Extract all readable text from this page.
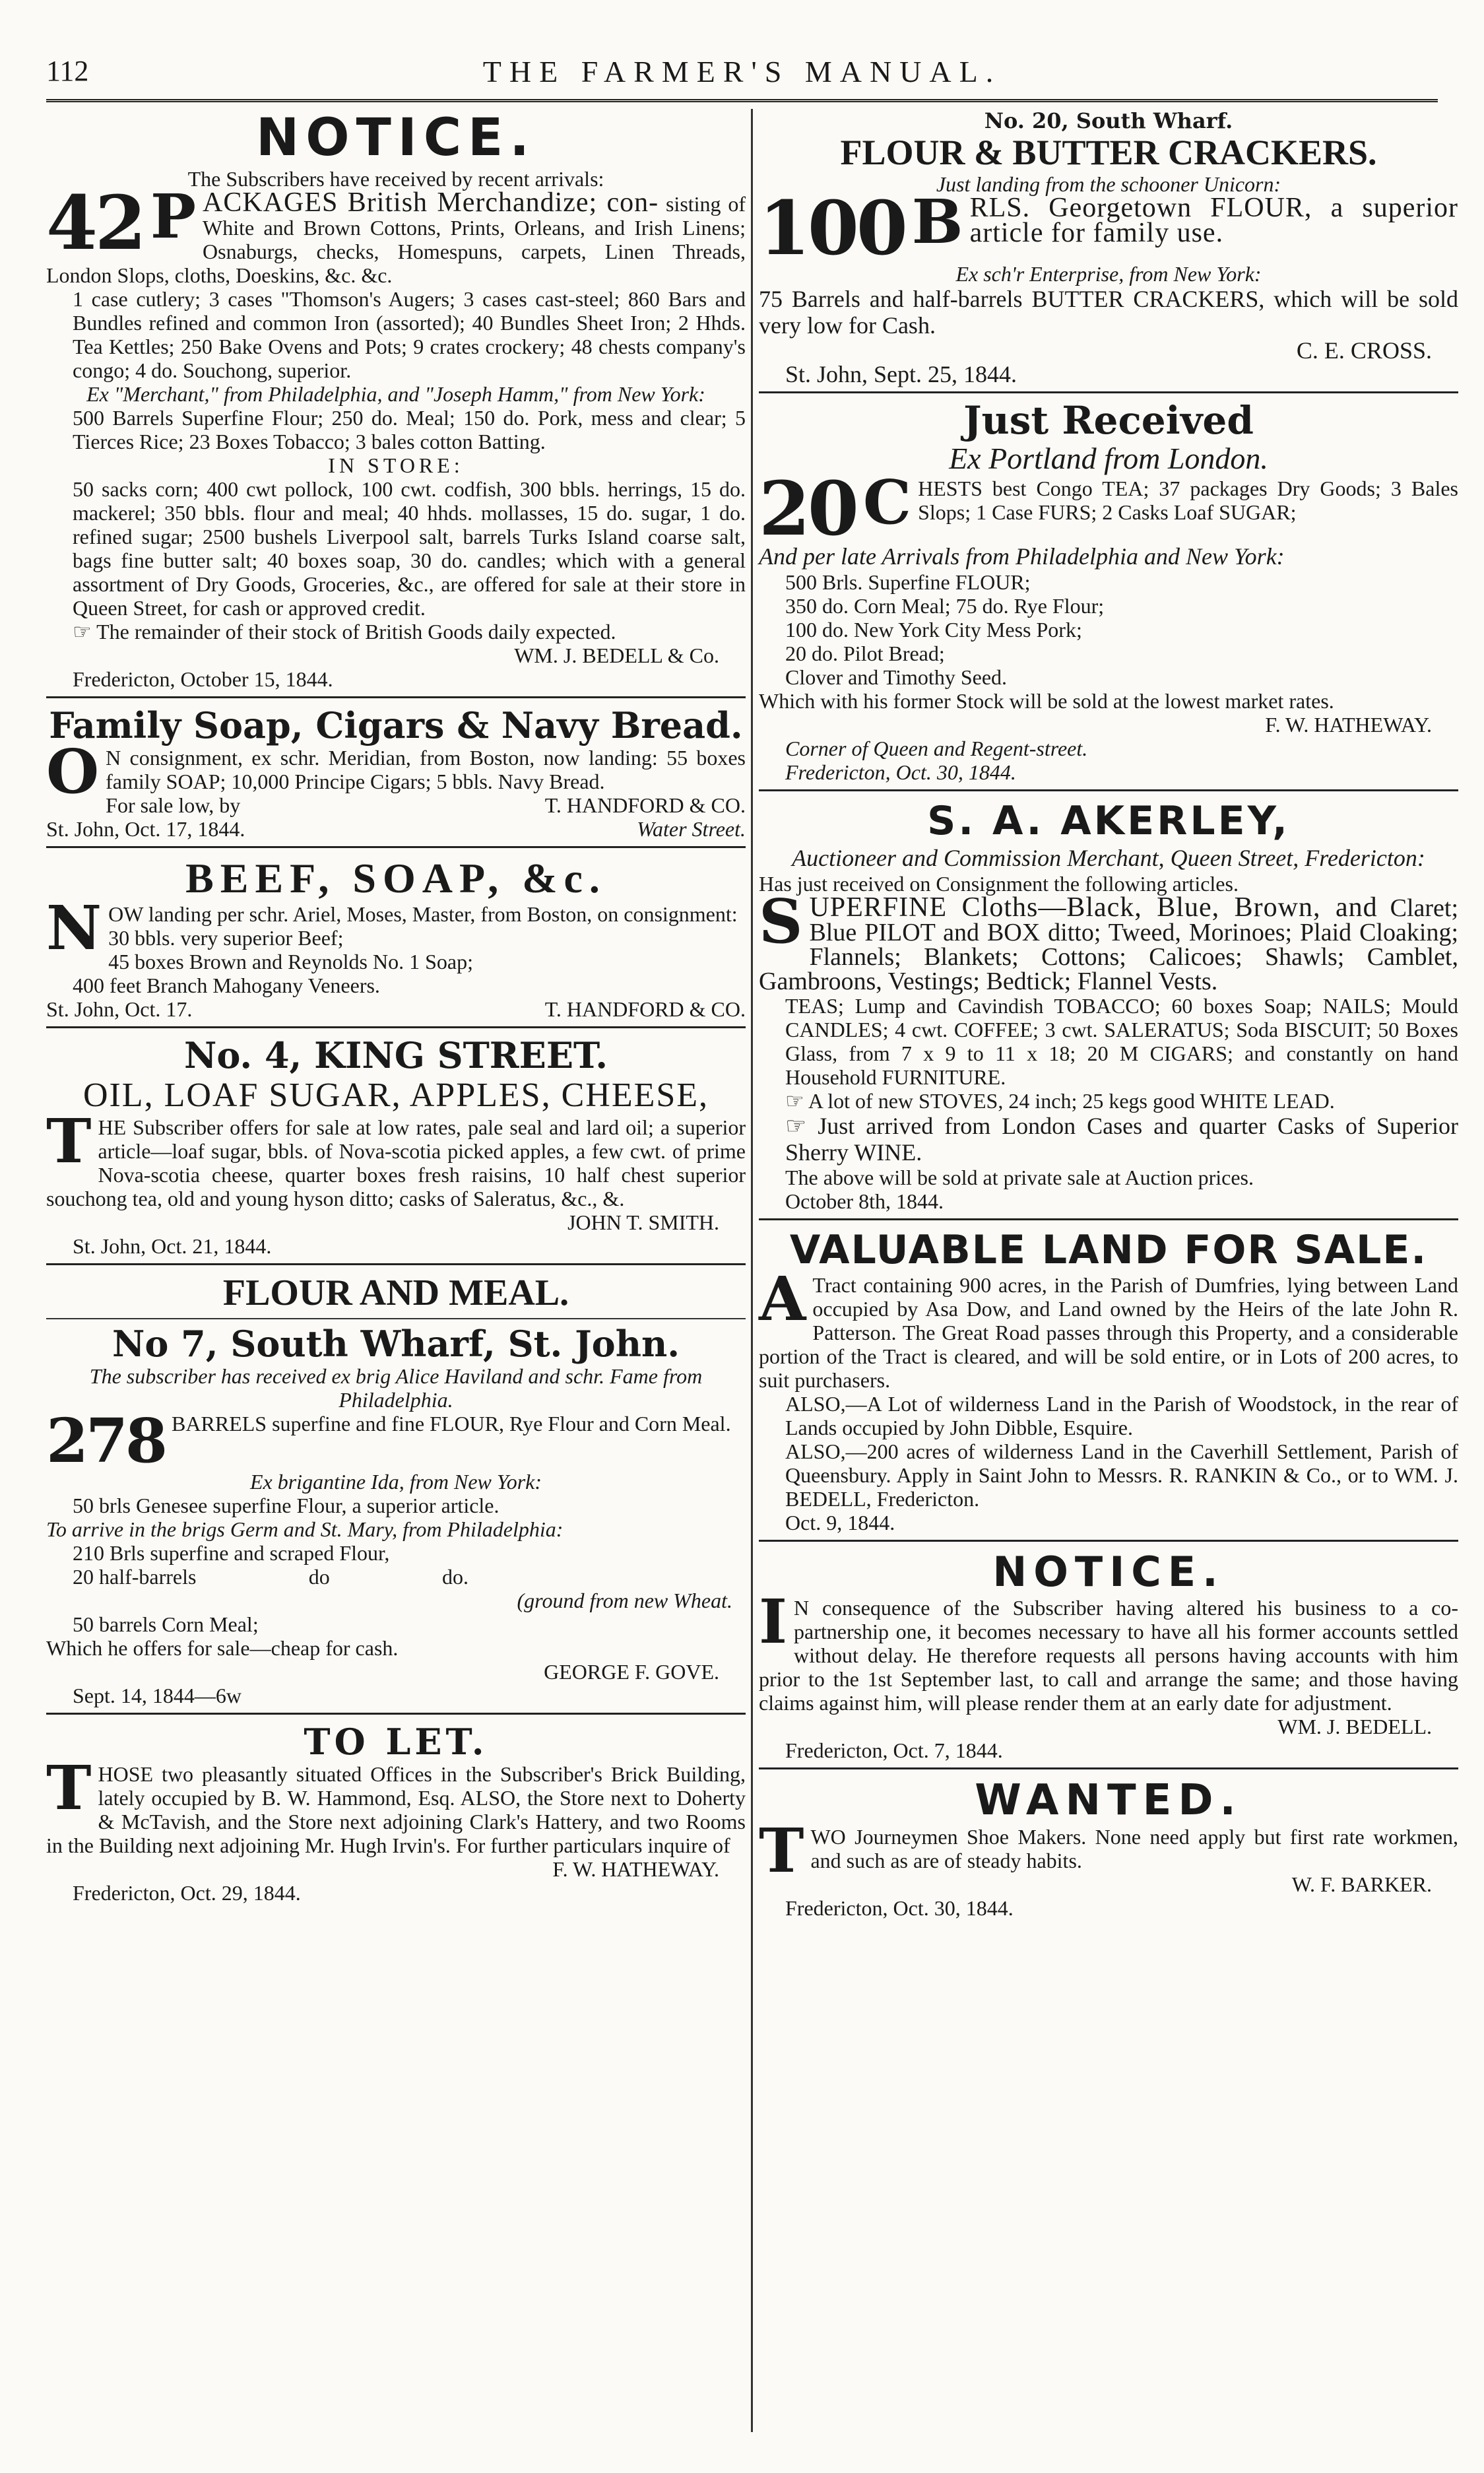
112	THE FARMER'S MANUAL.
NOTICE.

The Subscribers have received by recent arrivals:

42 P ACKAGES British Merchandize; con- sisting of White and Brown Cottons, Prints, Orleans, and Irish Linens; Osnaburgs, checks, Homespuns, carpets, Linen Threads, London Slops, cloths, Doeskins, &c. &c.

1 case cutlery; 3 cases "Thomson's Augers; 3 cases cast-steel; 860 Bars and Bundles refined and common Iron (assorted); 40 Bundles Sheet Iron; 2 Hhds. Tea Kettles; 250 Bake Ovens and Pots; 9 crates crockery; 48 chests company's congo; 4 do. Souchong, superior.

Ex "Merchant," from Philadelphia, and "Joseph Hamm," from New York:

500 Barrels Superfine Flour; 250 do. Meal; 150 do. Pork, mess and clear; 5 Tierces Rice; 23 Boxes Tobacco; 3 bales cotton Batting.

IN STORE:

50 sacks corn; 400 cwt pollock, 100 cwt. codfish, 300 bbls. herrings, 15 do. mackerel; 350 bbls. flour and meal; 40 hhds. mollasses, 15 do. sugar, 1 do. refined sugar; 2500 bushels Liverpool salt, barrels Turks Island coarse salt, bags fine butter salt; 40 boxes soap, 30 do. candles; which with a general assortment of Dry Goods, Groceries, &c., are offered for sale at their store in Queen Street, for cash or approved credit.

☞ The remainder of their stock of British Goods daily expected.

WM. J. BEDELL & Co.

Fredericton, October 15, 1844.

Family Soap, Cigars & Navy Bread.

O N consignment, ex schr. Meridian, from Boston, now landing: 55 boxes family SOAP; 10,000 Principe Cigars; 5 bbls. Navy Bread.

For sale low, by	T. HANDFORD & CO.
St. John, Oct. 17, 1844.	Water Street.
BEEF, SOAP, &c.

N OW landing per schr. Ariel, Moses, Master, from Boston, on consignment:

30 bbls. very superior Beef;

45 boxes Brown and Reynolds No. 1 Soap;

400 feet Branch Mahogany Veneers.

St. John, Oct. 17.	T. HANDFORD & CO.
No. 4, KING STREET.

OIL, LOAF SUGAR, APPLES, CHEESE,

T HE Subscriber offers for sale at low rates, pale seal and lard oil; a superior article—loaf sugar, bbls. of Nova-scotia picked apples, a few cwt. of prime Nova-scotia cheese, quarter boxes fresh raisins, 10 half chest superior souchong tea, old and young hyson ditto; casks of Saleratus, &c., &.

JOHN T. SMITH.

St. John, Oct. 21, 1844.

FLOUR AND MEAL.
No 7, South Wharf, St. John.

The subscriber has received ex brig Alice Haviland and schr. Fame from Philadelphia.

278 BARRELS superfine and fine FLOUR, Rye Flour and Corn Meal.

Ex brigantine Ida, from New York:

50 brls Genesee superfine Flour, a superior article.

To arrive in the brigs Germ and St. Mary, from Philadelphia:

210 Brls superfine and scraped Flour,

20 half-barrels	do	do.

(ground from new Wheat.

50 barrels Corn Meal;

Which he offers for sale—cheap for cash.

GEORGE F. GOVE.

Sept. 14, 1844—6w

TO LET.

T HOSE two pleasantly situated Offices in the Subscriber's Brick Building, lately occupied by B. W. Hammond, Esq. ALSO, the Store next to Doherty & McTavish, and the Store next adjoining Clark's Hattery, and two Rooms in the Building next adjoining Mr. Hugh Irvin's. For further particulars inquire of

F. W. HATHEWAY.

Fredericton, Oct. 29, 1844.

No. 20, South Wharf.

FLOUR & BUTTER CRACKERS.

Just landing from the schooner Unicorn:

100 B RLS. Georgetown FLOUR, a superior article for family use.

Ex sch'r Enterprise, from New York:

75 Barrels and half-barrels BUTTER CRACKERS, which will be sold very low for Cash.

C. E. CROSS.

St. John, Sept. 25, 1844.

Just Received

Ex Portland from London.

20 C HESTS best Congo TEA; 37 packages Dry Goods; 3 Bales Slops; 1 Case FURS; 2 Casks Loaf SUGAR;

And per late Arrivals from Philadelphia and New York:

500 Brls. Superfine FLOUR;

350 do. Corn Meal; 75 do. Rye Flour;

100 do. New York City Mess Pork;

20 do. Pilot Bread;

Clover and Timothy Seed.

Which with his former Stock will be sold at the lowest market rates.

F. W. HATHEWAY.

Corner of Queen and Regent-street.

Fredericton, Oct. 30, 1844.

S. A. AKERLEY,

Auctioneer and Commission Merchant, Queen Street, Fredericton:

Has just received on Consignment the following articles.

S UPERFINE Cloths—Black, Blue, Brown, and Claret; Blue PILOT and BOX ditto; Tweed, Morinoes; Plaid Cloaking; Flannels; Blankets; Cottons; Calicoes; Shawls; Camblet, Gambroons, Vestings; Bedtick; Flannel Vests.

TEAS; Lump and Cavindish TOBACCO; 60 boxes Soap; NAILS; Mould CANDLES; 4 cwt. COFFEE; 3 cwt. SALERATUS; Soda BISCUIT; 50 Boxes Glass, from 7 x 9 to 11 x 18; 20 M CIGARS; and constantly on hand Household FURNITURE.

☞ A lot of new STOVES, 24 inch; 25 kegs good WHITE LEAD.

☞ Just arrived from London Cases and quarter Casks of Superior Sherry WINE.

The above will be sold at private sale at Auction prices.

October 8th, 1844.

VALUABLE LAND FOR SALE.

A Tract containing 900 acres, in the Parish of Dumfries, lying between Land occupied by Asa Dow, and Land owned by the Heirs of the late John R. Patterson. The Great Road passes through this Property, and a considerable portion of the Tract is cleared, and will be sold entire, or in Lots of 200 acres, to suit purchasers.

ALSO,—A Lot of wilderness Land in the Parish of Woodstock, in the rear of Lands occupied by John Dibble, Esquire.

ALSO,—200 acres of wilderness Land in the Caverhill Settlement, Parish of Queensbury. Apply in Saint John to Messrs. R. RANKIN & Co., or to WM. J. BEDELL, Fredericton.

Oct. 9, 1844.

NOTICE.

I N consequence of the Subscriber having altered his business to a co-partnership one, it becomes necessary to have all his former accounts settled without delay. He therefore requests all persons having accounts with him prior to the 1st September last, to call and arrange the same; and those having claims against him, will please render them at an early date for adjustment.

WM. J. BEDELL.

Fredericton, Oct. 7, 1844.

WANTED.

T WO Journeymen Shoe Makers. None need apply but first rate workmen, and such as are of steady habits.

W. F. BARKER.

Fredericton, Oct. 30, 1844.
